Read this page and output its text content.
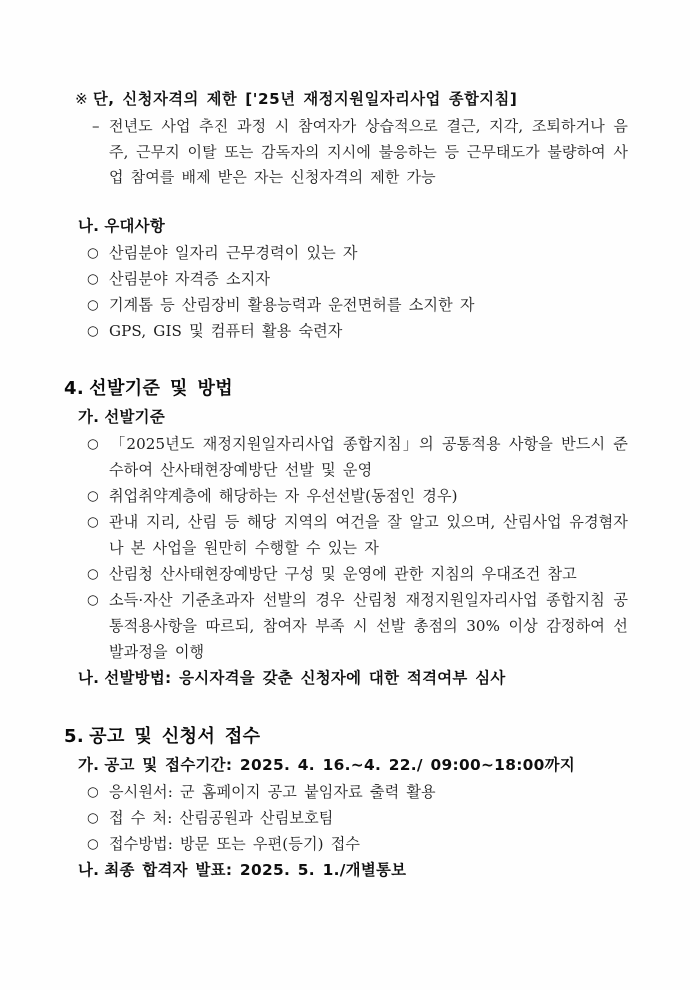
※ 단, 신청자격의 제한 ['25년 재정지원일자리사업 종합지침]
– 전년도 사업 추진 과정 시 참여자가 상습적으로 결근, 지각, 조퇴하거나 음주, 근무지 이탈 또는 감독자의 지시에 불응하는 등 근무태도가 불량하여 사업 참여를 배제 받은 자는 신청자격의 제한 가능
나. 우대사항
○ 산림분야 일자리 근무경력이 있는 자
○ 산림분야 자격증 소지자
○ 기계톱 등 산림장비 활용능력과 운전면허를 소지한 자
○ GPS, GIS 및 컴퓨터 활용 숙련자
4. 선발기준 및 방법
가. 선발기준
○ 「2025년도 재정지원일자리사업 종합지침」의 공통적용 사항을 반드시 준수하여 산사태현장예방단 선발 및 운영
○ 취업취약계층에 해당하는 자 우선선발(동점인 경우)
○ 관내 지리, 산림 등 해당 지역의 여건을 잘 알고 있으며, 산림사업 유경혐자나 본 사업을 원만히 수행할 수 있는 자
○ 산림청 산사태현장예방단 구성 및 운영에 관한 지침의 우대조건 참고
○ 소득·자산 기준초과자 선발의 경우 산림청 재정지원일자리사업 종합지침 공통적용사항을 따르되, 참여자 부족 시 선발 총점의 30% 이상 감정하여 선발과정을 이행
나. 선발방법: 응시자격을 갖춘 신청자에 대한 적격여부 심사
5. 공고 및 신청서 접수
가. 공고 및 접수기간: 2025. 4. 16.~4. 22./ 09:00~18:00까지
○ 응시원서: 군 홈페이지 공고 붙임자료 출력 활용
○ 접 수 처: 산림공원과 산림보호팀
○ 접수방법: 방문 또는 우편(등기) 접수
나. 최종 합격자 발표: 2025. 5. 1./개별통보
